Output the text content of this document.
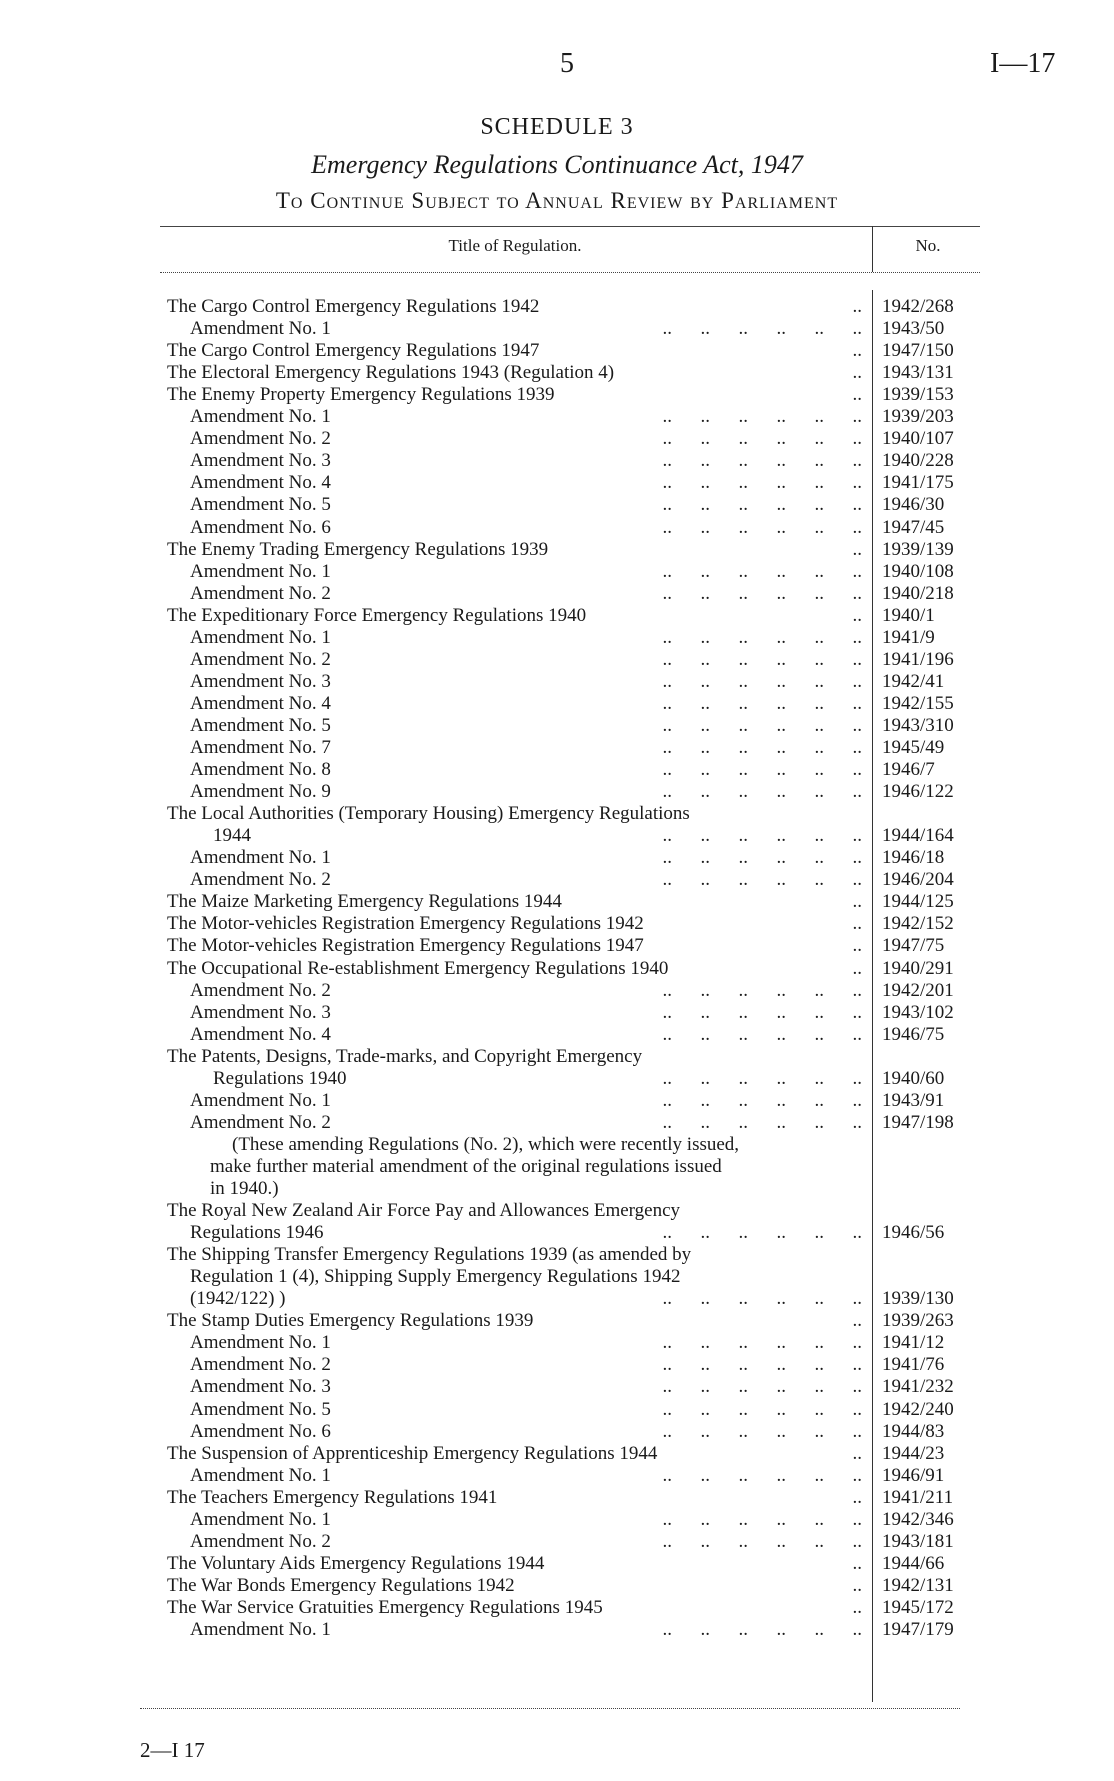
5	I—17
SCHEDULE 3
Emergency Regulations Continuance Act, 1947
To Continue Subject to Annual Review by Parliament
Title of Regulation.	No.
The Cargo Control Emergency Regulations 1942	.. 1942/268
Amendment No. 1	..      ..      ..      ..      ..      .. 1943/50
The Cargo Control Emergency Regulations 1947	.. 1947/150
The Electoral Emergency Regulations 1943 (Regulation 4)	.. 1943/131
The Enemy Property Emergency Regulations 1939	.. 1939/153
Amendment No. 1	..      ..      ..      ..      ..      .. 1939/203
Amendment No. 2	..      ..      ..      ..      ..      .. 1940/107
Amendment No. 3	..      ..      ..      ..      ..      .. 1940/228
Amendment No. 4	..      ..      ..      ..      ..      .. 1941/175
Amendment No. 5	..      ..      ..      ..      ..      .. 1946/30
Amendment No. 6	..      ..      ..      ..      ..      .. 1947/45
The Enemy Trading Emergency Regulations 1939	.. 1939/139
Amendment No. 1	..      ..      ..      ..      ..      .. 1940/108
Amendment No. 2	..      ..      ..      ..      ..      .. 1940/218
The Expeditionary Force Emergency Regulations 1940	.. 1940/1
Amendment No. 1	..      ..      ..      ..      ..      .. 1941/9
Amendment No. 2	..      ..      ..      ..      ..      .. 1941/196
Amendment No. 3	..      ..      ..      ..      ..      .. 1942/41
Amendment No. 4	..      ..      ..      ..      ..      .. 1942/155
Amendment No. 5	..      ..      ..      ..      ..      .. 1943/310
Amendment No. 7	..      ..      ..      ..      ..      .. 1945/49
Amendment No. 8	..      ..      ..      ..      ..      .. 1946/7
Amendment No. 9	..      ..      ..      ..      ..      .. 1946/122
The Local Authorities (Temporary Housing) Emergency Regulations
1944	..      ..      ..      ..      ..      .. 1944/164
Amendment No. 1	..      ..      ..      ..      ..      .. 1946/18
Amendment No. 2	..      ..      ..      ..      ..      .. 1946/204
The Maize Marketing Emergency Regulations 1944	.. 1944/125
The Motor-vehicles Registration Emergency Regulations 1942	.. 1942/152
The Motor-vehicles Registration Emergency Regulations 1947	.. 1947/75
The Occupational Re-establishment Emergency Regulations 1940	.. 1940/291
Amendment No. 2	..      ..      ..      ..      ..      .. 1942/201
Amendment No. 3	..      ..      ..      ..      ..      .. 1943/102
Amendment No. 4	..      ..      ..      ..      ..      .. 1946/75
The Patents, Designs, Trade-marks, and Copyright Emergency
Regulations 1940	..      ..      ..      ..      ..      .. 1940/60
Amendment No. 1	..      ..      ..      ..      ..      .. 1943/91
Amendment No. 2	..      ..      ..      ..      ..      .. 1947/198
(These amending Regulations (No. 2), which were recently issued,
make further material amendment of the original regulations issued
in 1940.)
The Royal New Zealand Air Force Pay and Allowances Emergency
Regulations 1946	..      ..      ..      ..      ..      .. 1946/56
The Shipping Transfer Emergency Regulations 1939 (as amended by
Regulation 1 (4), Shipping Supply Emergency Regulations 1942
(1942/122) )	..      ..      ..      ..      ..      .. 1939/130
The Stamp Duties Emergency Regulations 1939	.. 1939/263
Amendment No. 1	..      ..      ..      ..      ..      .. 1941/12
Amendment No. 2	..      ..      ..      ..      ..      .. 1941/76
Amendment No. 3	..      ..      ..      ..      ..      .. 1941/232
Amendment No. 5	..      ..      ..      ..      ..      .. 1942/240
Amendment No. 6	..      ..      ..      ..      ..      .. 1944/83
The Suspension of Apprenticeship Emergency Regulations 1944	.. 1944/23
Amendment No. 1	..      ..      ..      ..      ..      .. 1946/91
The Teachers Emergency Regulations 1941	.. 1941/211
Amendment No. 1	..      ..      ..      ..      ..      .. 1942/346
Amendment No. 2	..      ..      ..      ..      ..      .. 1943/181
The Voluntary Aids Emergency Regulations 1944	.. 1944/66
The War Bonds Emergency Regulations 1942	.. 1942/131
The War Service Gratuities Emergency Regulations 1945	.. 1945/172
Amendment No. 1	..      ..      ..      ..      ..      .. 1947/179
2—I 17
